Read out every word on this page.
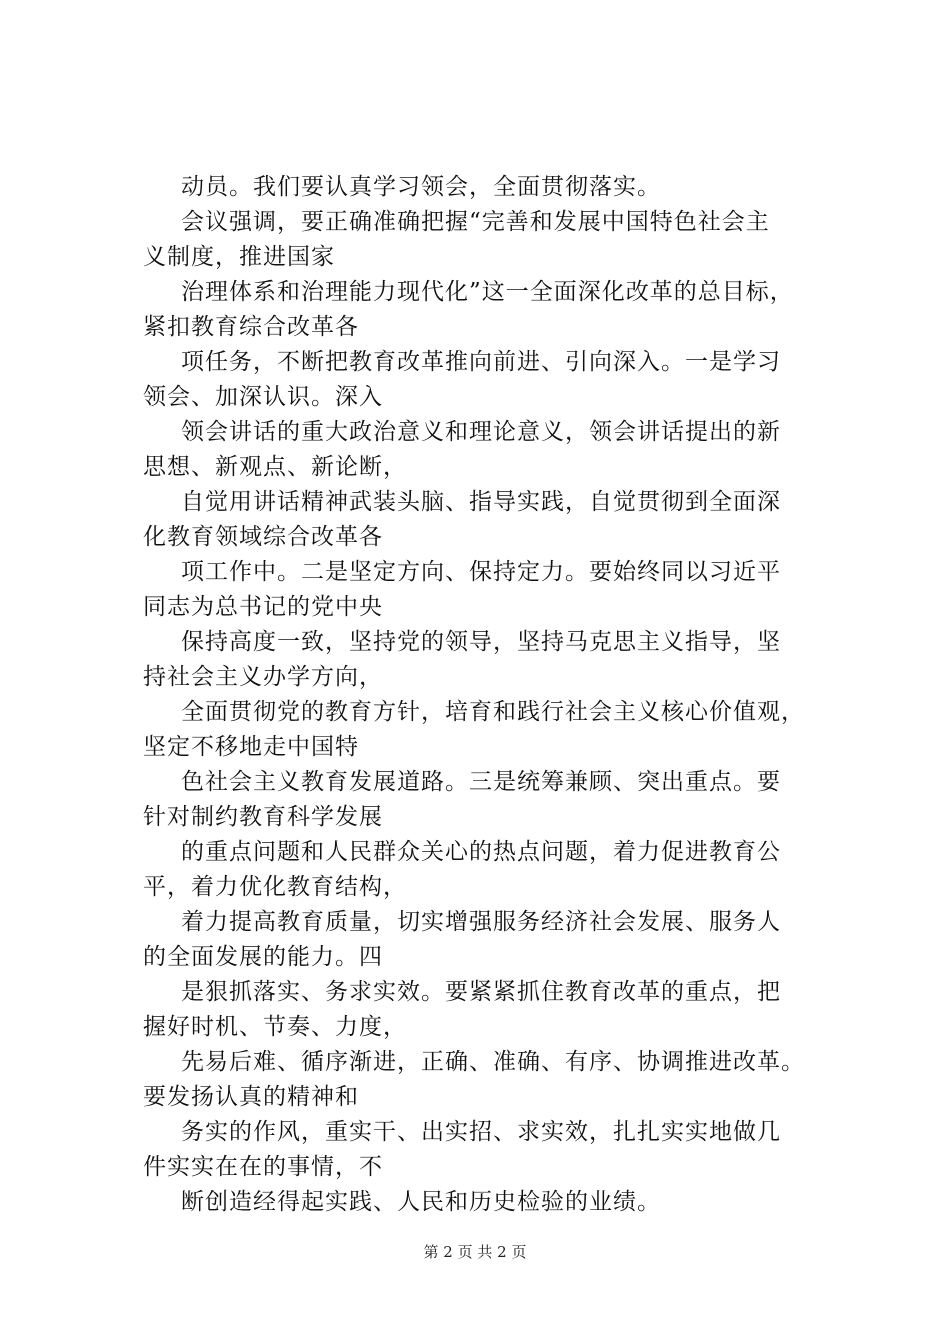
动员。我们要认真学习领会，全面贯彻落实。
会议强调，要正确准确把握“完善和发展中国特色社会主
义制度，推进国家
治理体系和治理能力现代化”这一全面深化改革的总目标，
紧扣教育综合改革各
项任务，不断把教育改革推向前进、引向深入。一是学习
领会、加深认识。深入
领会讲话的重大政治意义和理论意义，领会讲话提出的新
思想、新观点、新论断，
自觉用讲话精神武装头脑、指导实践，自觉贯彻到全面深
化教育领域综合改革各
项工作中。二是坚定方向、保持定力。要始终同以习近平
同志为总书记的党中央
保持高度一致，坚持党的领导，坚持马克思主义指导，坚
持社会主义办学方向，
全面贯彻党的教育方针，培育和践行社会主义核心价值观，
坚定不移地走中国特
色社会主义教育发展道路。三是统筹兼顾、突出重点。要
针对制约教育科学发展
的重点问题和人民群众关心的热点问题，着力促进教育公
平，着力优化教育结构，
着力提高教育质量，切实增强服务经济社会发展、服务人
的全面发展的能力。四
是狠抓落实、务求实效。要紧紧抓住教育改革的重点，把
握好时机、节奏、力度，
先易后难、循序渐进，正确、准确、有序、协调推进改革。
要发扬认真的精神和
务实的作风，重实干、出实招、求实效，扎扎实实地做几
件实实在在的事情，不
断创造经得起实践、人民和历史检验的业绩。
第 2 页 共 2 页
